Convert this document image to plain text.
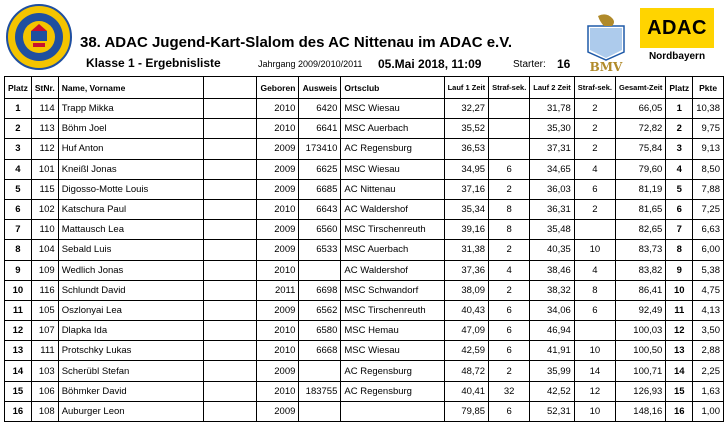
38. ADAC Jugend-Kart-Slalom des AC Nittenau im ADAC e.V.
Klasse 1 - Ergebnisliste	Jahrgang 2009/2010/2011 05.Mai 2018, 11:09	Starter: 16 BMV
ADAC
Nordbayern
Platz	StNr.	Name, Vorname		Geboren	Ausweis	Ortsclub	Lauf 1 Zeit	Straf-sek.	Lauf 2 Zeit	Straf-sek.	Gesamt-Zeit	Platz	Pkte
1	114	Trapp Mikka		2010	6420	MSC Wiesau	32,27		31,78	2	66,05	1	10,38
2	113	Böhm Joel		2010	6641	MSC Auerbach	35,52		35,30	2	72,82	2	9,75
3	112	Huf Anton		2009	173410	AC Regensburg	36,53		37,31	2	75,84	3	9,13
4	101	Kneißl Jonas		2009	6625	MSC Wiesau	34,95	6	34,65	4	79,60	4	8,50
5	115	Digosso-Motte Louis		2009	6685	AC Nittenau	37,16	2	36,03	6	81,19	5	7,88
6	102	Katschura Paul		2010	6643	AC Waldershof	35,34	8	36,31	2	81,65	6	7,25
7	110	Mattausch Lea		2009	6560	MSC Tirschenreuth	39,16	8	35,48		82,65	7	6,63
8	104	Sebald Luis		2009	6533	MSC Auerbach	31,38	2	40,35	10	83,73	8	6,00
9	109	Wedlich Jonas		2010		AC Waldershof	37,36	4	38,46	4	83,82	9	5,38
10	116	Schlundt David		2011	6698	MSC Schwandorf	38,09	2	38,32	8	86,41	10	4,75
11	105	Oszlonyai Lea		2009	6562	MSC Tirschenreuth	40,43	6	34,06	6	92,49	11	4,13
12	107	Dlapka Ida		2010	6580	MSC Hemau	47,09	6	46,94		100,03	12	3,50
13	111	Protschky Lukas		2010	6668	MSC Wiesau	42,59	6	41,91	10	100,50	13	2,88
14	103	Scherübl Stefan		2009		AC Regensburg	48,72	2	35,99	14	100,71	14	2,25
15	106	Böhmker David		2010	183755	AC Regensburg	40,41	32	42,52	12	126,93	15	1,63
16	108	Auburger Leon		2009			79,85	6	52,31	10	148,16	16	1,00
